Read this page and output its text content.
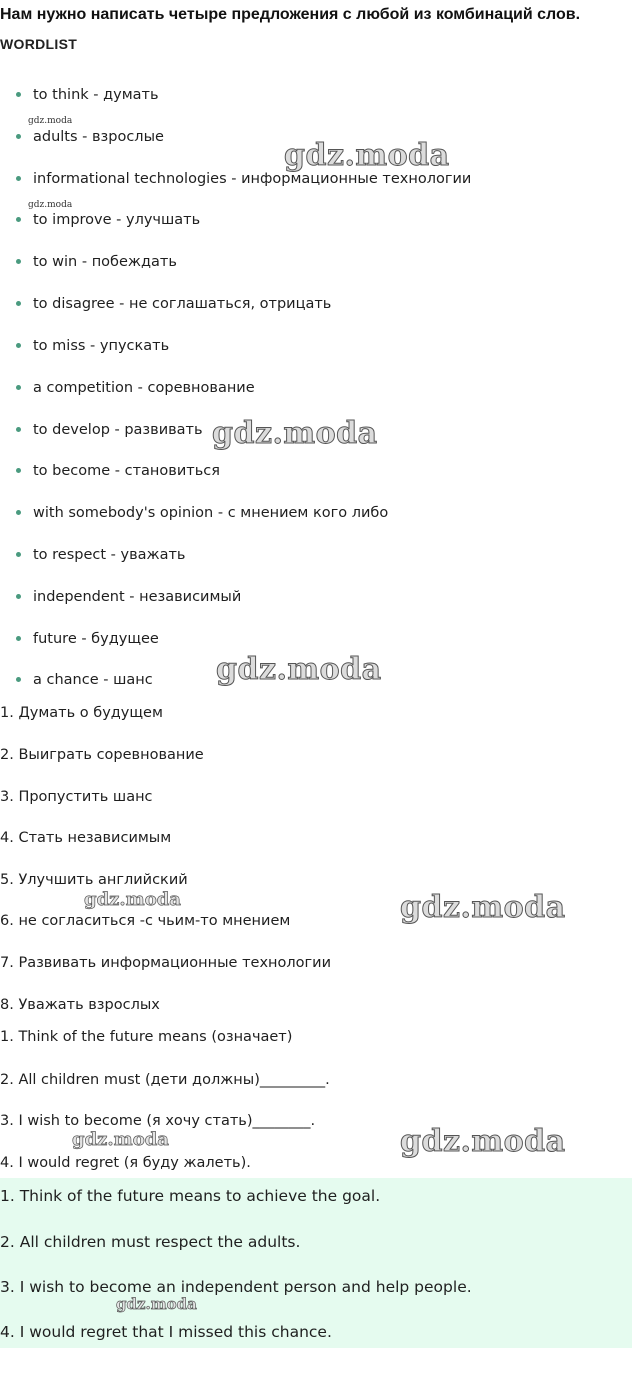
Нам нужно написать четыре предложения с любой из комбинаций слов.
WORDLIST
to think - думать
adults - взрослые
informational technologies - информационные технологии
to improve - улучшать
to win - побеждать
to disagree - не соглашаться, отрицать
to miss - упускать
a competition - соревнование
to develop - развивать
to become - становиться
with somebody's opinion - с мнением кого либо
to respect - уважать
independent - независимый
future - будущее
a chance - шанс
1. Думать о будущем
2. Выиграть соревнование
3. Пропустить шанс
4. Стать независимым
5. Улучшить английский
6. не согласиться -с чьим-то мнением
7. Развивать информационные технологии
8. Уважать взрослых
1. Think of the future means (означает)
2. All children must (дети должны)_________.
3. I wish to become (я хочу стать)________.
4. I would regret (я буду жалеть).
1. Think of the future means to achieve the goal.
2. All children must respect the adults.
3. I wish to become an independent person and help people.
4. I would regret that I missed this chance.
gdz.moda
gdz.moda
gdz.moda
gdz.moda
gdz.moda
gdz.moda	gdz.moda
gdz.moda	gdz.moda
gdz.moda
